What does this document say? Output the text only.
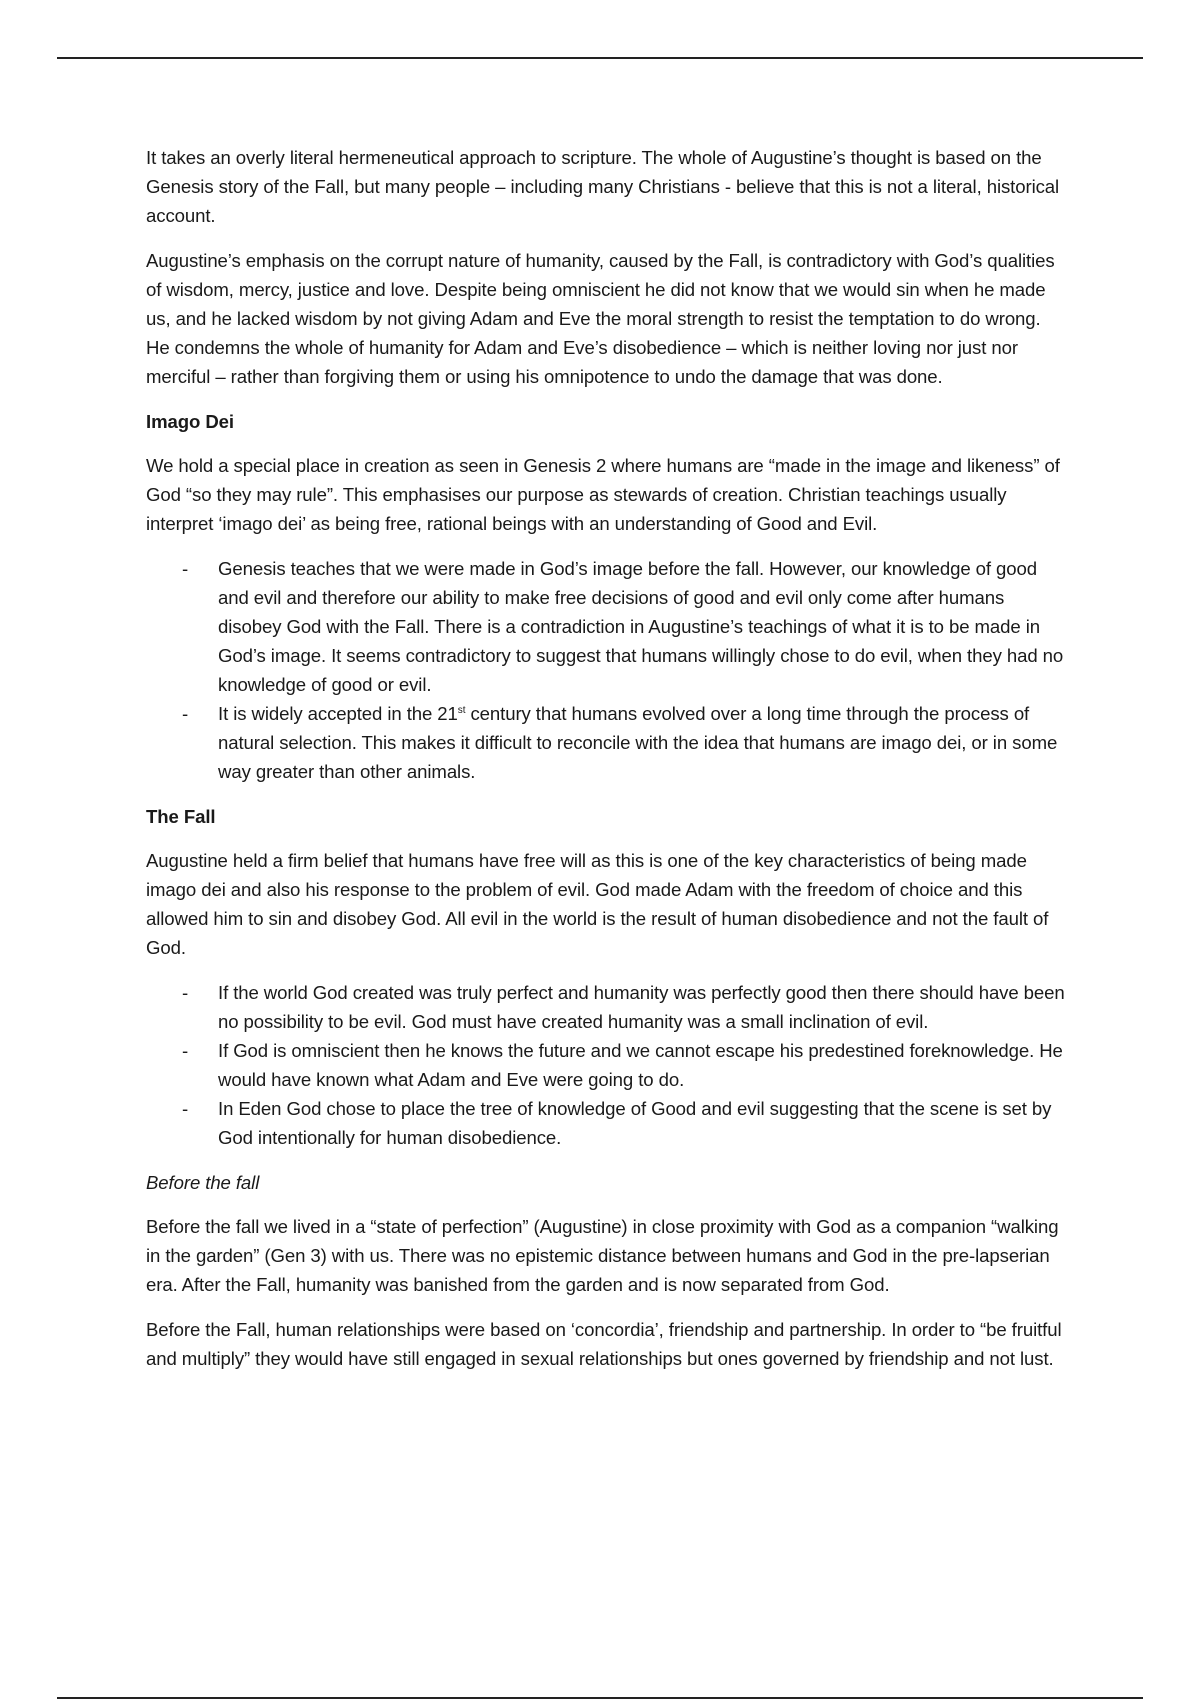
It takes an overly literal hermeneutical approach to scripture. The whole of Augustine’s thought is based on the Genesis story of the Fall, but many people – including many Christians - believe that this is not a literal, historical account.

Augustine’s emphasis on the corrupt nature of humanity, caused by the Fall, is contradictory with God’s qualities of wisdom, mercy, justice and love. Despite being omniscient he did not know that we would sin when he made us, and he lacked wisdom by not giving Adam and Eve the moral strength to resist the temptation to do wrong. He condemns the whole of humanity for Adam and Eve’s disobedience – which is neither loving nor just nor merciful – rather than forgiving them or using his omnipotence to undo the damage that was done.

Imago Dei

We hold a special place in creation as seen in Genesis 2 where humans are “made in the image and likeness” of God “so they may rule”. This emphasises our purpose as stewards of creation. Christian teachings usually interpret ‘imago dei’ as being free, rational beings with an understanding of Good and Evil.

- Genesis teaches that we were made in God’s image before the fall. However, our knowledge of good and evil and therefore our ability to make free decisions of good and evil only come after humans disobey God with the Fall. There is a contradiction in Augustine’s teachings of what it is to be made in God’s image. It seems contradictory to suggest that humans willingly chose to do evil, when they had no knowledge of good or evil.
- It is widely accepted in the 21st century that humans evolved over a long time through the process of natural selection. This makes it difficult to reconcile with the idea that humans are imago dei, or in some way greater than other animals.
The Fall

Augustine held a firm belief that humans have free will as this is one of the key characteristics of being made imago dei and also his response to the problem of evil. God made Adam with the freedom of choice and this allowed him to sin and disobey God. All evil in the world is the result of human disobedience and not the fault of God.

- If the world God created was truly perfect and humanity was perfectly good then there should have been no possibility to be evil. God must have created humanity was a small inclination of evil.
- If God is omniscient then he knows the future and we cannot escape his predestined foreknowledge. He would have known what Adam and Eve were going to do.
- In Eden God chose to place the tree of knowledge of Good and evil suggesting that the scene is set by God intentionally for human disobedience.

Before the fall

Before the fall we lived in a “state of perfection” (Augustine) in close proximity with God as a companion “walking in the garden” (Gen 3) with us. There was no epistemic distance between humans and God in the pre-lapserian era. After the Fall, humanity was banished from the garden and is now separated from God.

Before the Fall, human relationships were based on ‘concordia’, friendship and partnership. In order to “be fruitful and multiply” they would have still engaged in sexual relationships but ones governed by friendship and not lust.
